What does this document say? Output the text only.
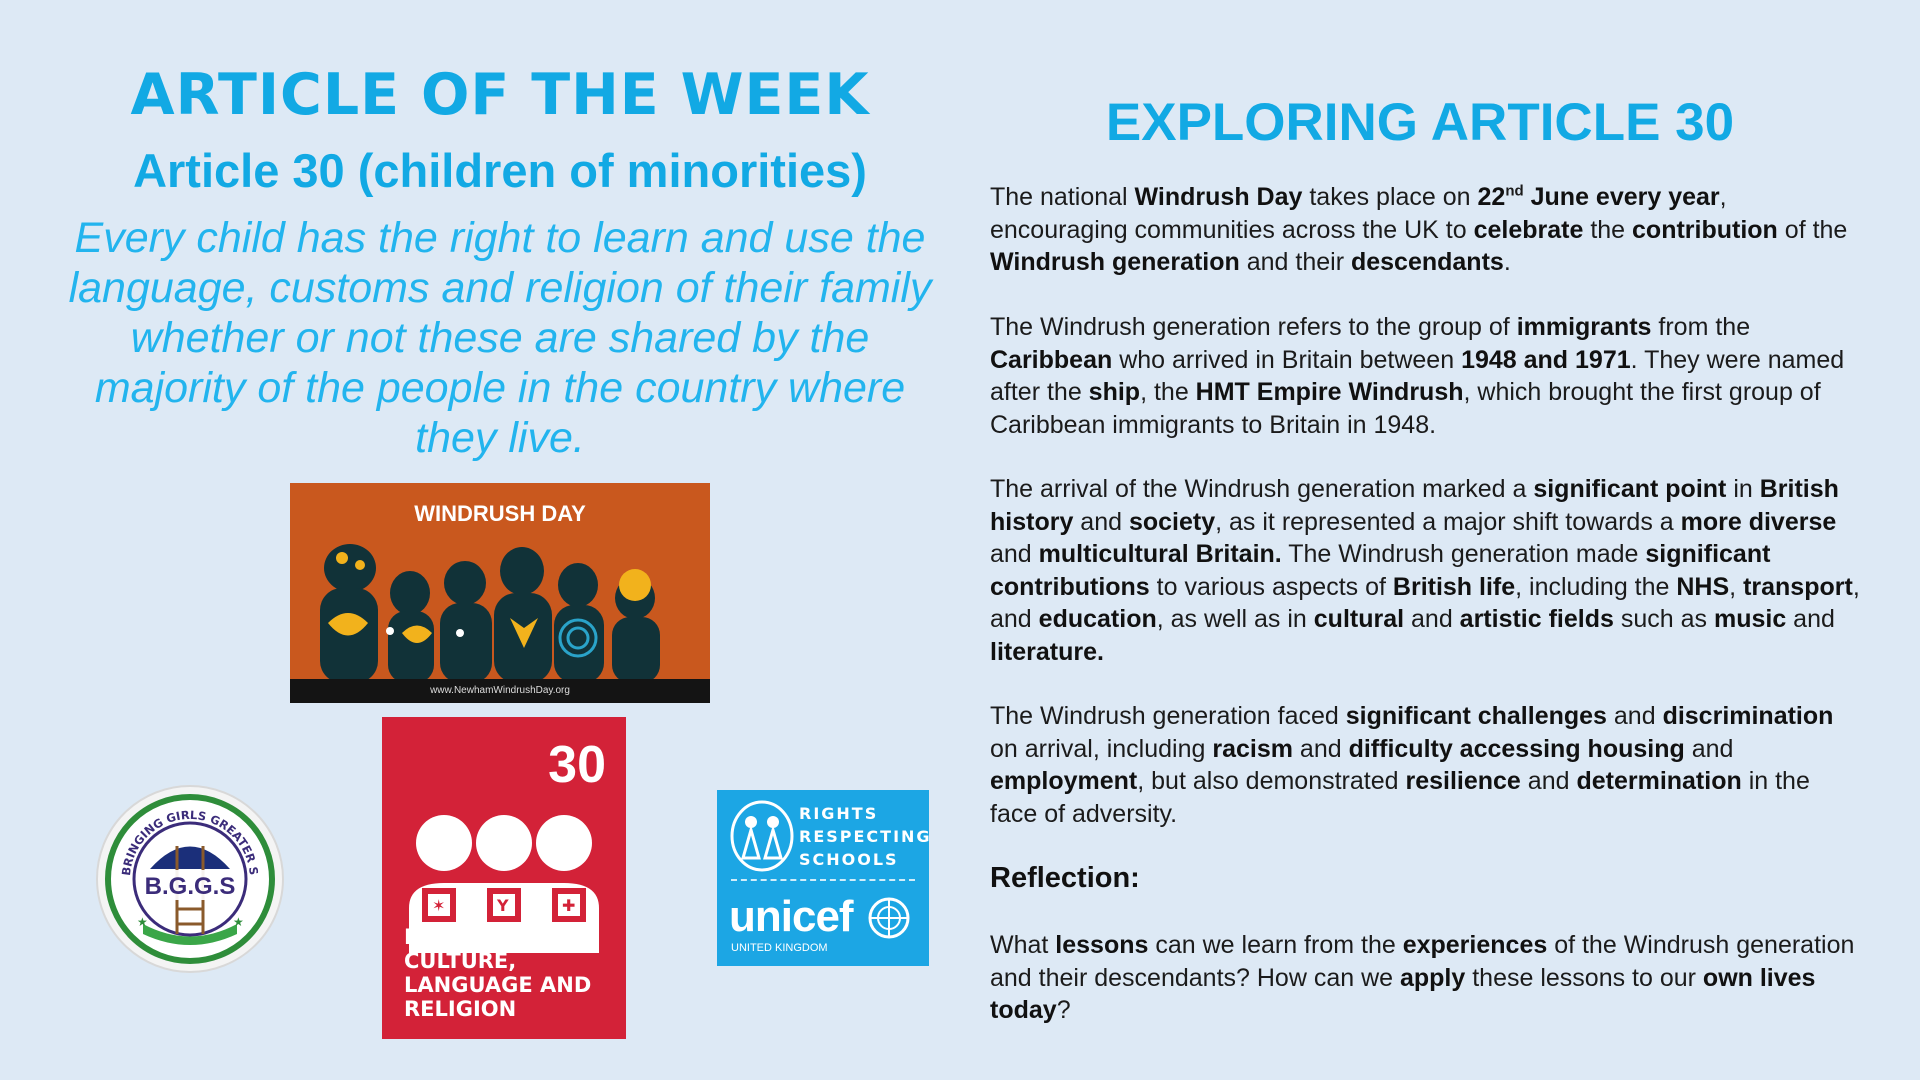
ARTICLE OF THE WEEK
Article 30 (children of minorities)
Every child has the right to learn and use the language, customs and religion of their family whether or not these are shared by the majority of the people in the country where they live.
WINDRUSH DAY
www.NewhamWindrushDay.org
BRINGING GIRLS GREATER S
B.G.G.S
★	★
30
✶	Y	✚
MINORITY CULTURE, LANGUAGE AND RELIGION
RIGHTS
RESPECTING
SCHOOLS
unicef
UNITED KINGDOM
EXPLORING ARTICLE 30
The national Windrush Day takes place on 22nd June every year, encouraging communities across the UK to celebrate the contribution of the Windrush generation and their descendants.
The Windrush generation refers to the group of immigrants from the Caribbean who arrived in Britain between 1948 and 1971. They were named after the ship, the HMT Empire Windrush, which brought the first group of Caribbean immigrants to Britain in 1948.
The arrival of the Windrush generation marked a significant point in British history and society, as it represented a major shift towards a more diverse and multicultural Britain. The Windrush generation made significant contributions to various aspects of British life, including the NHS, transport, and education, as well as in cultural and artistic fields such as music and literature.
The Windrush generation faced significant challenges and discrimination on arrival, including racism and difficulty accessing housing and employment, but also demonstrated resilience and determination in the face of adversity.
Reflection:
What lessons can we learn from the experiences of the Windrush generation and their descendants? How can we apply these lessons to our own lives today?
